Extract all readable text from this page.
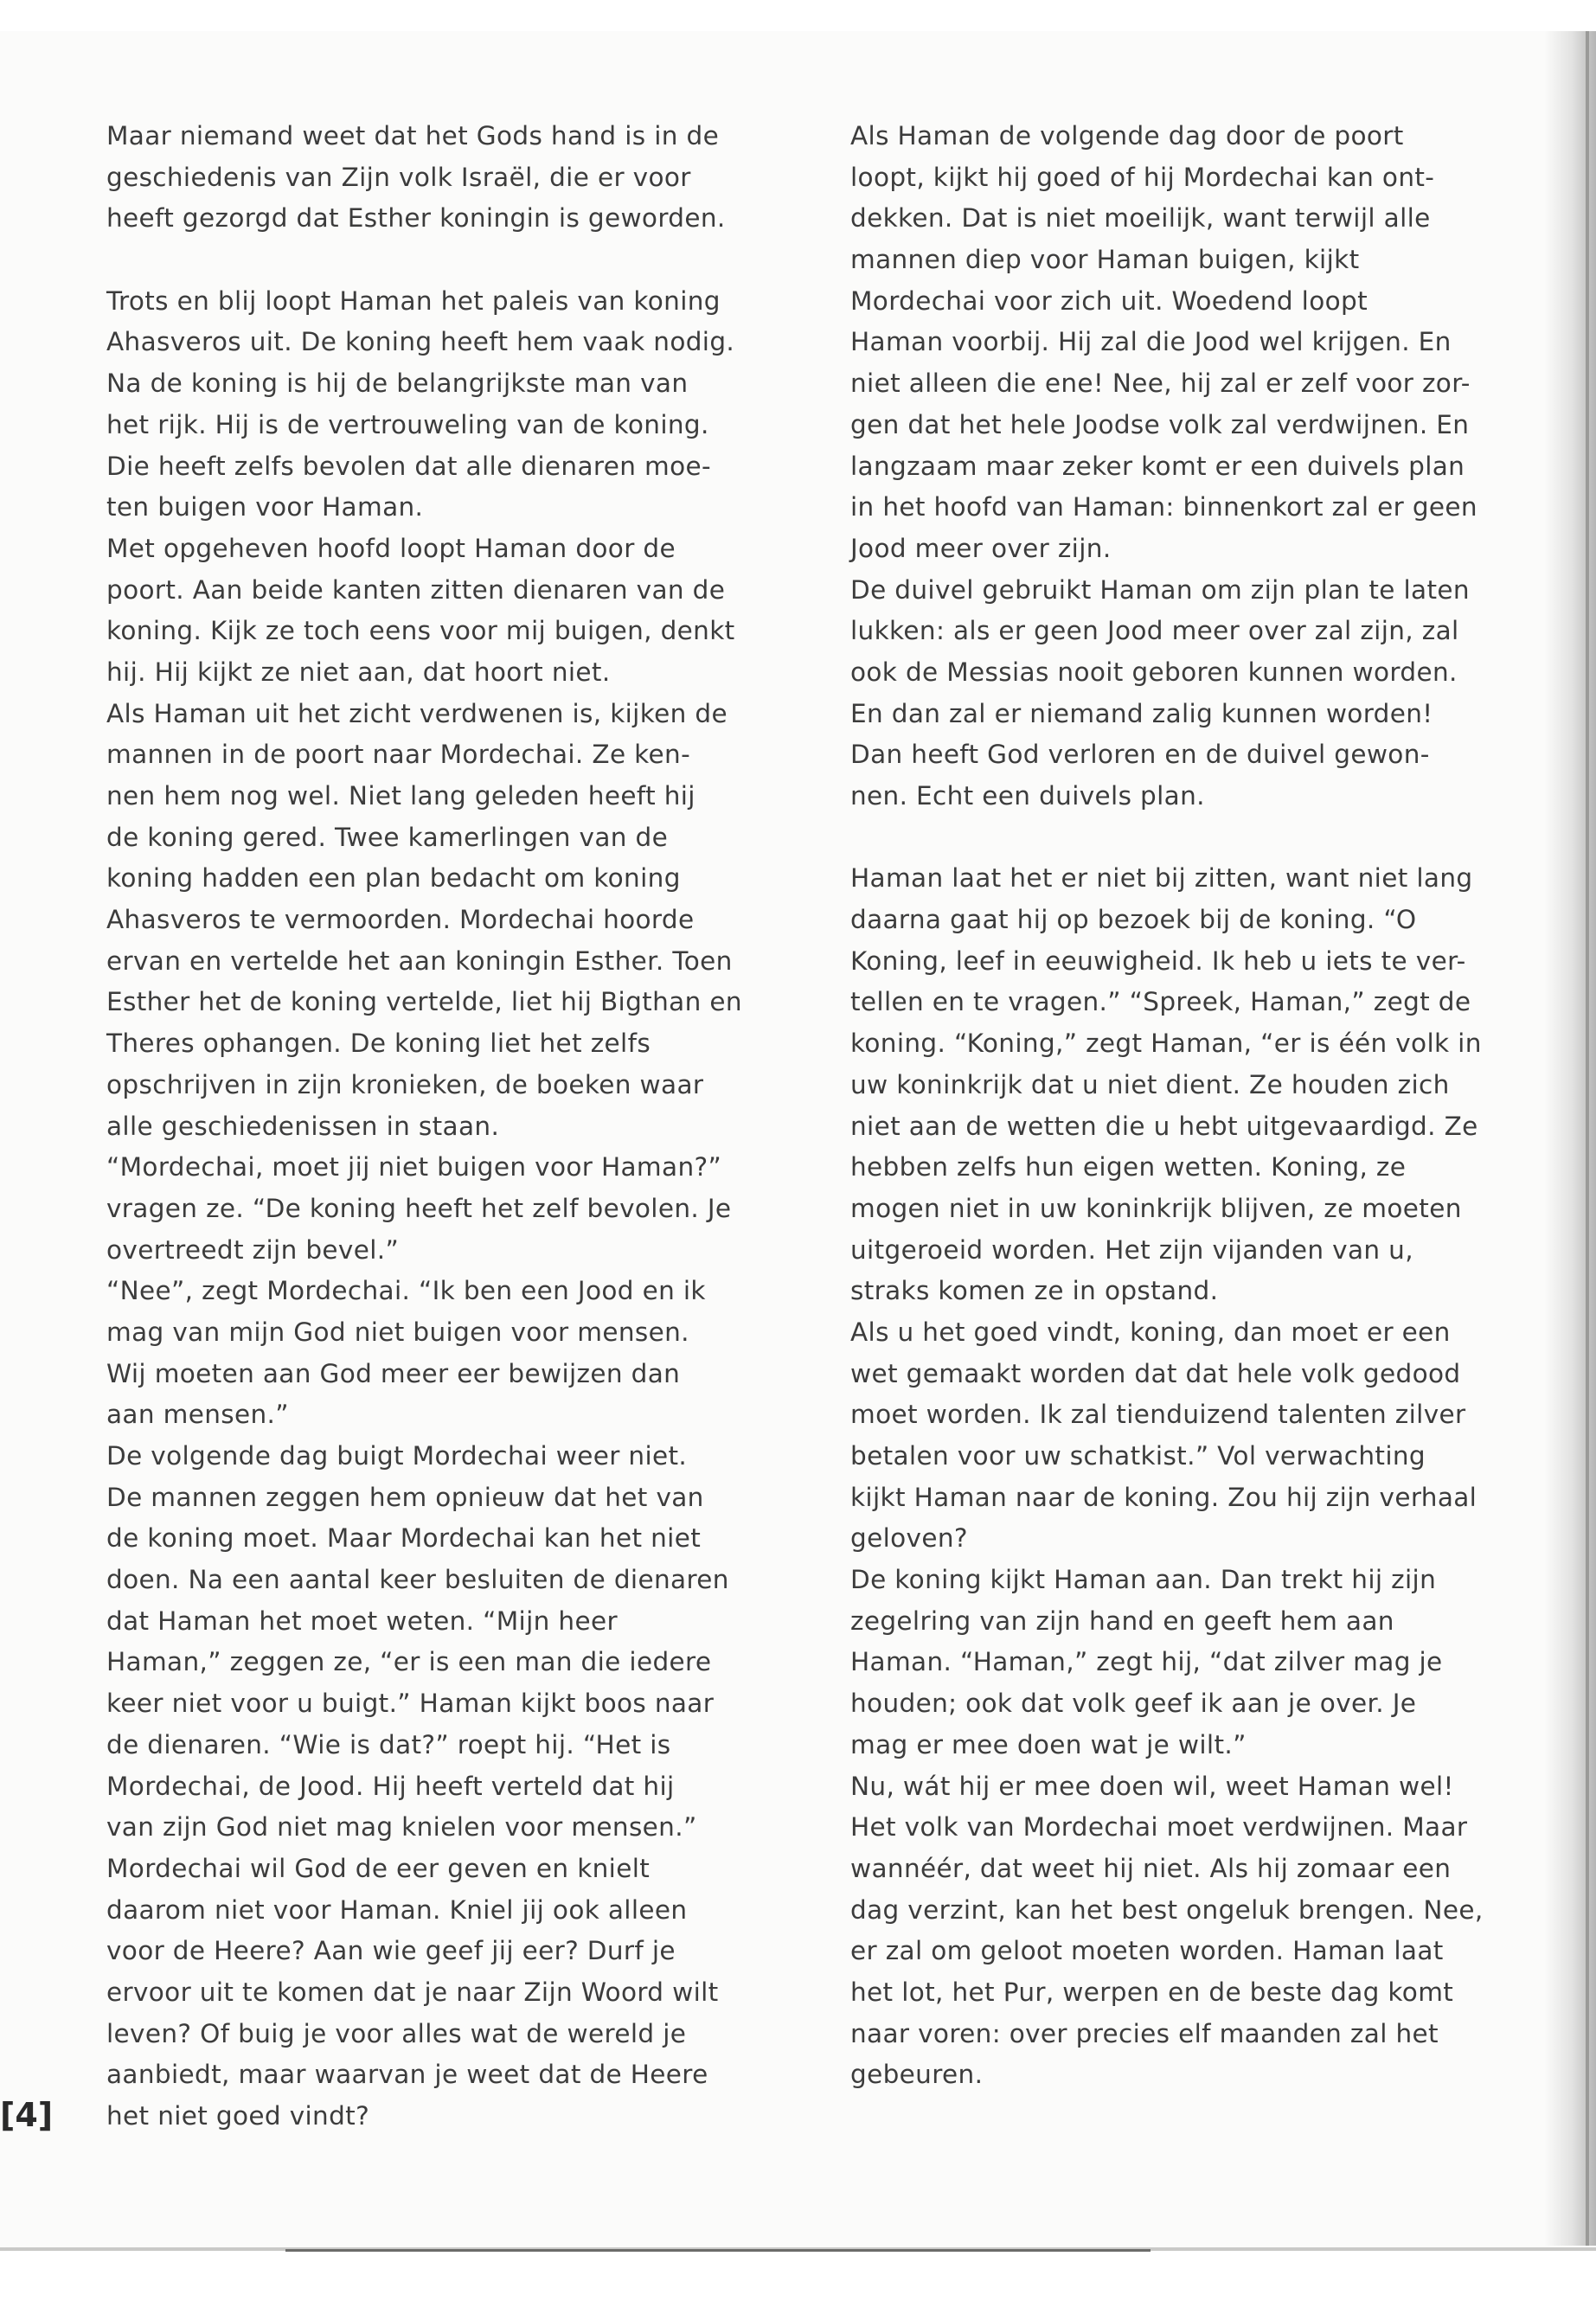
Maar niemand weet dat het Gods hand is in de
geschiedenis van Zijn volk Israël, die er voor
heeft gezorgd dat Esther koningin is geworden.
Trots en blij loopt Haman het paleis van koning
Ahasveros uit. De koning heeft hem vaak nodig.
Na de koning is hij de belangrijkste man van
het rijk. Hij is de vertrouweling van de koning.
Die heeft zelfs bevolen dat alle dienaren moe-
ten buigen voor Haman.
Met opgeheven hoofd loopt Haman door de
poort. Aan beide kanten zitten dienaren van de
koning. Kijk ze toch eens voor mij buigen, denkt
hij. Hij kijkt ze niet aan, dat hoort niet.
Als Haman uit het zicht verdwenen is, kijken de
mannen in de poort naar Mordechai. Ze ken-
nen hem nog wel. Niet lang geleden heeft hij
de koning gered. Twee kamerlingen van de
koning hadden een plan bedacht om koning
Ahasveros te vermoorden. Mordechai hoorde
ervan en vertelde het aan koningin Esther. Toen
Esther het de koning vertelde, liet hij Bigthan en
Theres ophangen. De koning liet het zelfs
opschrijven in zijn kronieken, de boeken waar
alle geschiedenissen in staan.
“Mordechai, moet jij niet buigen voor Haman?”
vragen ze. “De koning heeft het zelf bevolen. Je
overtreedt zijn bevel.”
“Nee”, zegt Mordechai. “Ik ben een Jood en ik
mag van mijn God niet buigen voor mensen.
Wij moeten aan God meer eer bewijzen dan
aan mensen.”
De volgende dag buigt Mordechai weer niet.
De mannen zeggen hem opnieuw dat het van
de koning moet. Maar Mordechai kan het niet
doen. Na een aantal keer besluiten de dienaren
dat Haman het moet weten. “Mijn heer
Haman,” zeggen ze, “er is een man die iedere
keer niet voor u buigt.” Haman kijkt boos naar
de dienaren. “Wie is dat?” roept hij. “Het is
Mordechai, de Jood. Hij heeft verteld dat hij
van zijn God niet mag knielen voor mensen.”
Mordechai wil God de eer geven en knielt
daarom niet voor Haman. Kniel jij ook alleen
voor de Heere? Aan wie geef jij eer? Durf je
ervoor uit te komen dat je naar Zijn Woord wilt
leven? Of buig je voor alles wat de wereld je
aanbiedt, maar waarvan je weet dat de Heere
het niet goed vindt?
Als Haman de volgende dag door de poort
loopt, kijkt hij goed of hij Mordechai kan ont-
dekken. Dat is niet moeilijk, want terwijl alle
mannen diep voor Haman buigen, kijkt
Mordechai voor zich uit. Woedend loopt
Haman voorbij. Hij zal die Jood wel krijgen. En
niet alleen die ene! Nee, hij zal er zelf voor zor-
gen dat het hele Joodse volk zal verdwijnen. En
langzaam maar zeker komt er een duivels plan
in het hoofd van Haman: binnenkort zal er geen
Jood meer over zijn.
De duivel gebruikt Haman om zijn plan te laten
lukken: als er geen Jood meer over zal zijn, zal
ook de Messias nooit geboren kunnen worden.
En dan zal er niemand zalig kunnen worden!
Dan heeft God verloren en de duivel gewon-
nen. Echt een duivels plan.
Haman laat het er niet bij zitten, want niet lang
daarna gaat hij op bezoek bij de koning. “O
Koning, leef in eeuwigheid. Ik heb u iets te ver-
tellen en te vragen.” “Spreek, Haman,” zegt de
koning. “Koning,” zegt Haman, “er is één volk in
uw koninkrijk dat u niet dient. Ze houden zich
niet aan de wetten die u hebt uitgevaardigd. Ze
hebben zelfs hun eigen wetten. Koning, ze
mogen niet in uw koninkrijk blijven, ze moeten
uitgeroeid worden. Het zijn vijanden van u,
straks komen ze in opstand.
Als u het goed vindt, koning, dan moet er een
wet gemaakt worden dat dat hele volk gedood
moet worden. Ik zal tienduizend talenten zilver
betalen voor uw schatkist.” Vol verwachting
kijkt Haman naar de koning. Zou hij zijn verhaal
geloven?
De koning kijkt Haman aan. Dan trekt hij zijn
zegelring van zijn hand en geeft hem aan
Haman. “Haman,” zegt hij, “dat zilver mag je
houden; ook dat volk geef ik aan je over. Je
mag er mee doen wat je wilt.”
Nu, wát hij er mee doen wil, weet Haman wel!
Het volk van Mordechai moet verdwijnen. Maar
wannéér, dat weet hij niet. Als hij zomaar een
dag verzint, kan het best ongeluk brengen. Nee,
er zal om geloot moeten worden. Haman laat
het lot, het Pur, werpen en de beste dag komt
naar voren: over precies elf maanden zal het
gebeuren.
[4]
